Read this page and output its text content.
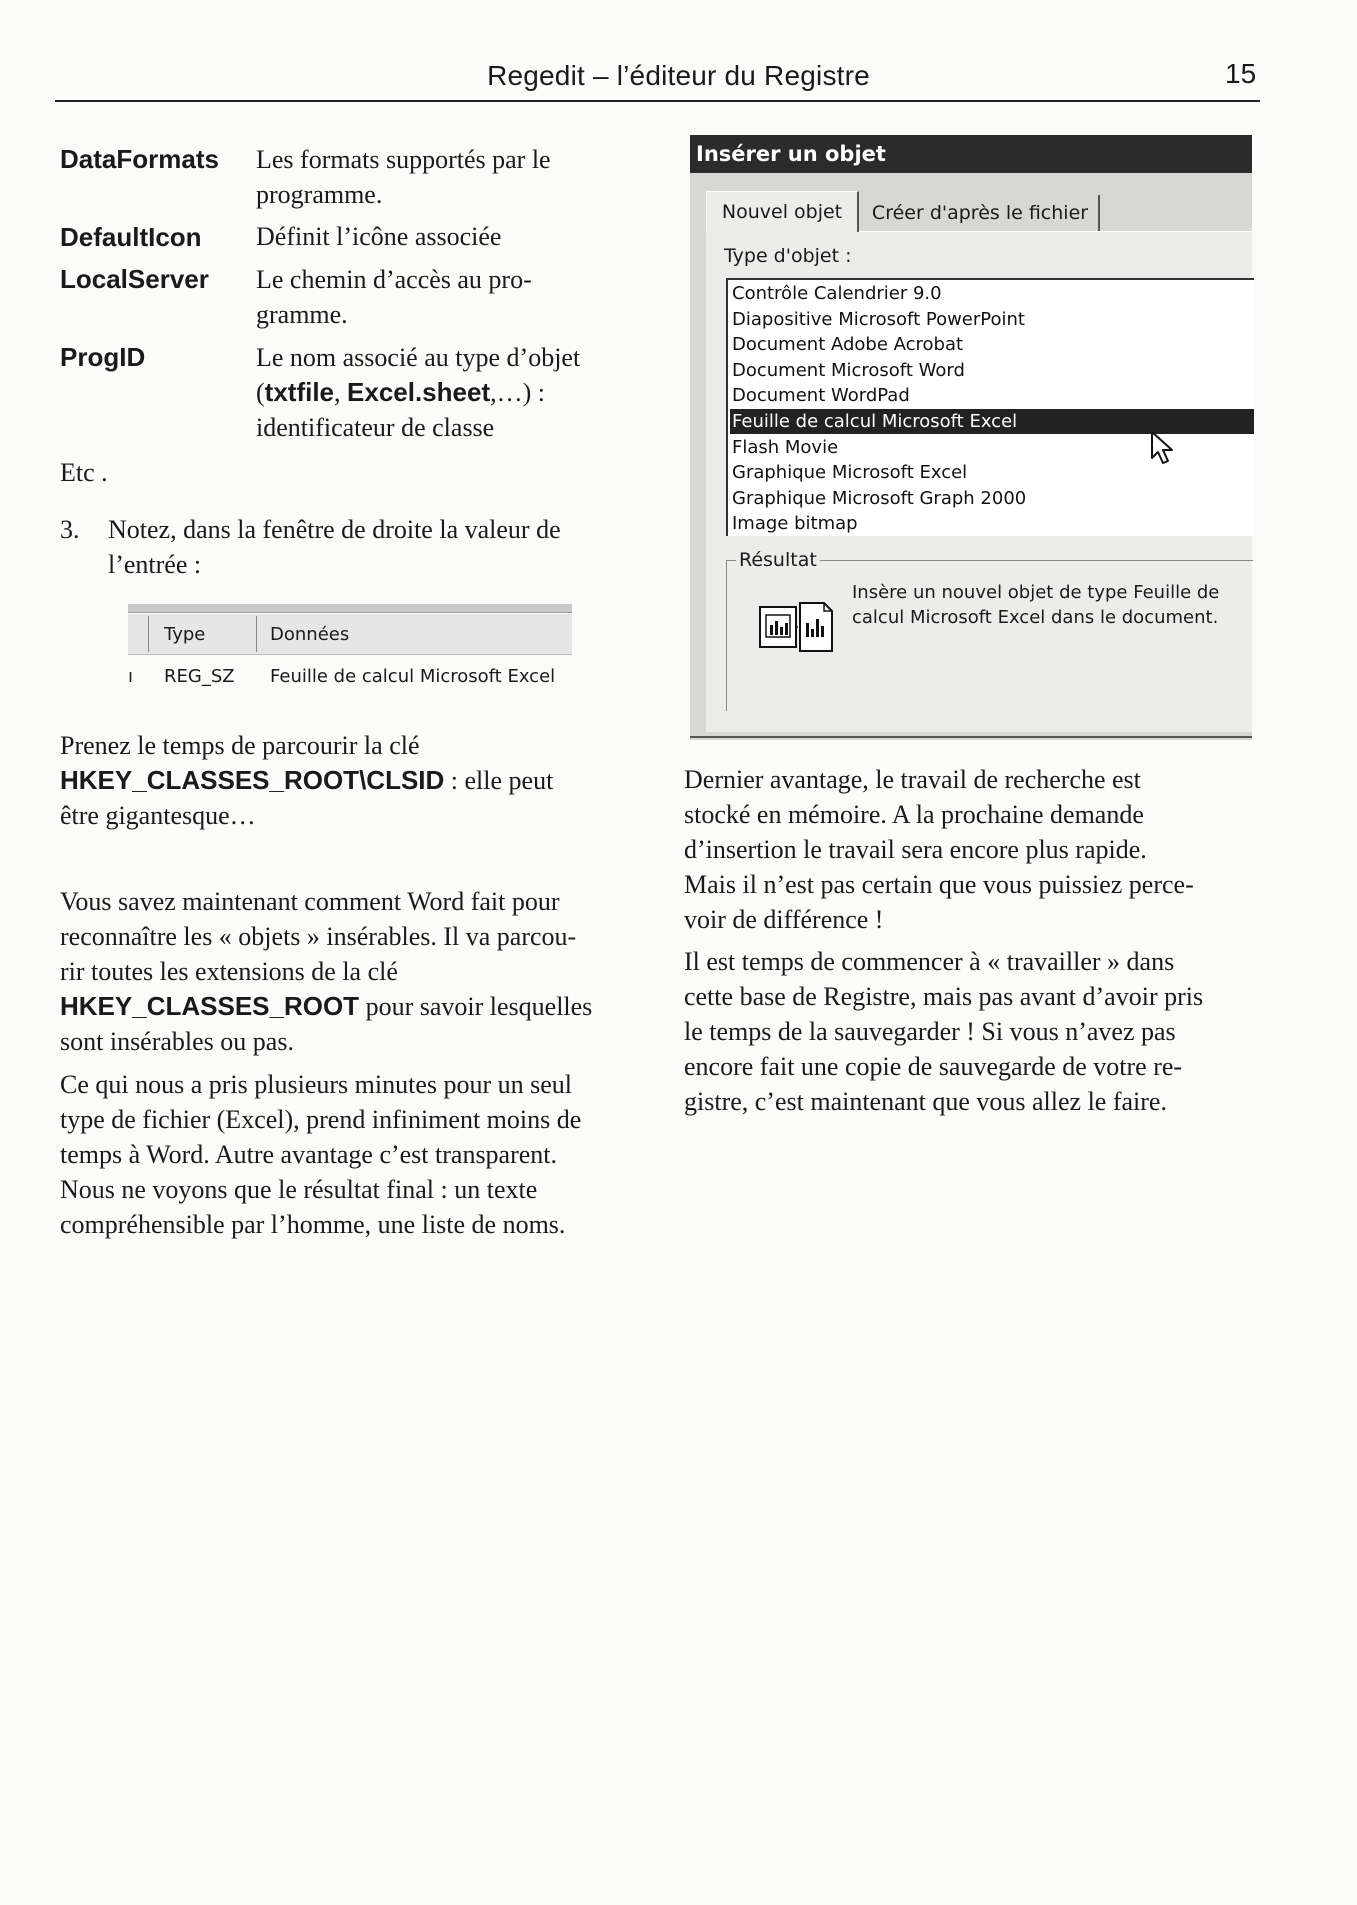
Regedit – l’éditeur du Registre	15
DataFormats Les formats supportés par le
programme.
DefaultIcon Définit l’icône associée
LocalServer Le chemin d’accès au pro-
gramme.
ProgID	Le nom associé au type d’objet
(txtfile, Excel.sheet,…) :
identificateur de classe
Etc .
3. Notez, dans la fenêtre de droite la valeur de
l’entrée :
Type	Données
ı REG_SZ Feuille de calcul Microsoft Excel
Prenez le temps de parcourir la clé
HKEY_CLASSES_ROOT\CLSID : elle peut
être gigantesque…
Vous savez maintenant comment Word fait pour
reconnaître les « objets » insérables. Il va parcou-
rir toutes les extensions de la clé
HKEY_CLASSES_ROOT pour savoir lesquelles
sont insérables ou pas.
Ce qui nous a pris plusieurs minutes pour un seul
type de fichier (Excel), prend infiniment moins de
temps à Word. Autre avantage c’est transparent.
Nous ne voyons que le résultat final : un texte
compréhensible par l’homme, une liste de noms.
Insérer un objet
Nouvel objet	Créer d'après le fichier
Type d'objet :
Contrôle Calendrier 9.0
Diapositive Microsoft PowerPoint
Document Adobe Acrobat
Document Microsoft Word
Document WordPad
Feuille de calcul Microsoft Excel
Flash Movie
Graphique Microsoft Excel
Graphique Microsoft Graph 2000
Image bitmap
Résultat
Insère un nouvel objet de type Feuille de
calcul Microsoft Excel dans le document.
Dernier avantage, le travail de recherche est
stocké en mémoire. A la prochaine demande
d’insertion le travail sera encore plus rapide.
Mais il n’est pas certain que vous puissiez perce-
voir de différence !
Il est temps de commencer à « travailler » dans
cette base de Registre, mais pas avant d’avoir pris
le temps de la sauvegarder ! Si vous n’avez pas
encore fait une copie de sauvegarde de votre re-
gistre, c’est maintenant que vous allez le faire.
